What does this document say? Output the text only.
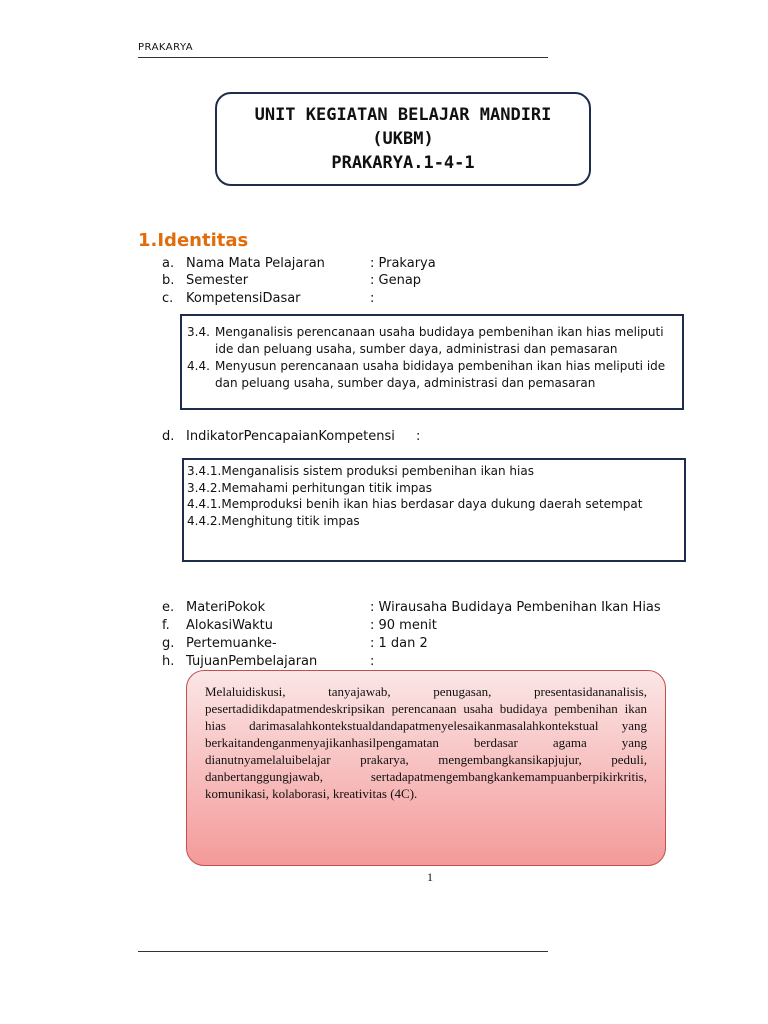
PRAKARYA
UNIT KEGIATAN BELAJAR MANDIRI
(UKBM)
PRAKARYA.1-4-1
1.Identitas
a. Nama Mata Pelajaran	: Prakarya
b. Semester	: Genap
c. KompetensiDasar	:
3.4. Menganalisis perencanaan usaha budidaya pembenihan ikan hias meliputi ide dan peluang usaha, sumber daya, administrasi dan pemasaran
4.4. Menyusun perencanaan usaha bididaya pembenihan ikan hias meliputi ide dan peluang usaha, sumber daya, administrasi dan pemasaran
d. IndikatorPencapaianKompetensi :
3.4.1.Menganalisis sistem produksi pembenihan ikan hias
3.4.2.Memahami perhitungan titik impas
4.4.1.Memproduksi benih ikan hias berdasar daya dukung daerah setempat
4.4.2.Menghitung titik impas
e. MateriPokok	: Wirausaha Budidaya Pembenihan Ikan Hias
f.	AlokasiWaktu	: 90 menit
g. Pertemuanke-	: 1 dan 2
h. TujuanPembelajaran	:

Melaluidiskusi, tanyajawab, penugasan, presentasidananalisis, pesertadidikdapatmendeskripsikan perencanaan usaha budidaya pembenihan ikan hias darimasalahkontekstualdandapatmenyelesaikanmasalahkontekstual yang berkaitandenganmenyajikanhasilpengamatan berdasar agama yang dianutnyamelaluibelajar prakarya, mengembangkansikapjujur, peduli, danbertanggungjawab, sertadapatmengembangkankemampuanberpikirkritis, komunikasi, kolaborasi, kreativitas (4C).

1
